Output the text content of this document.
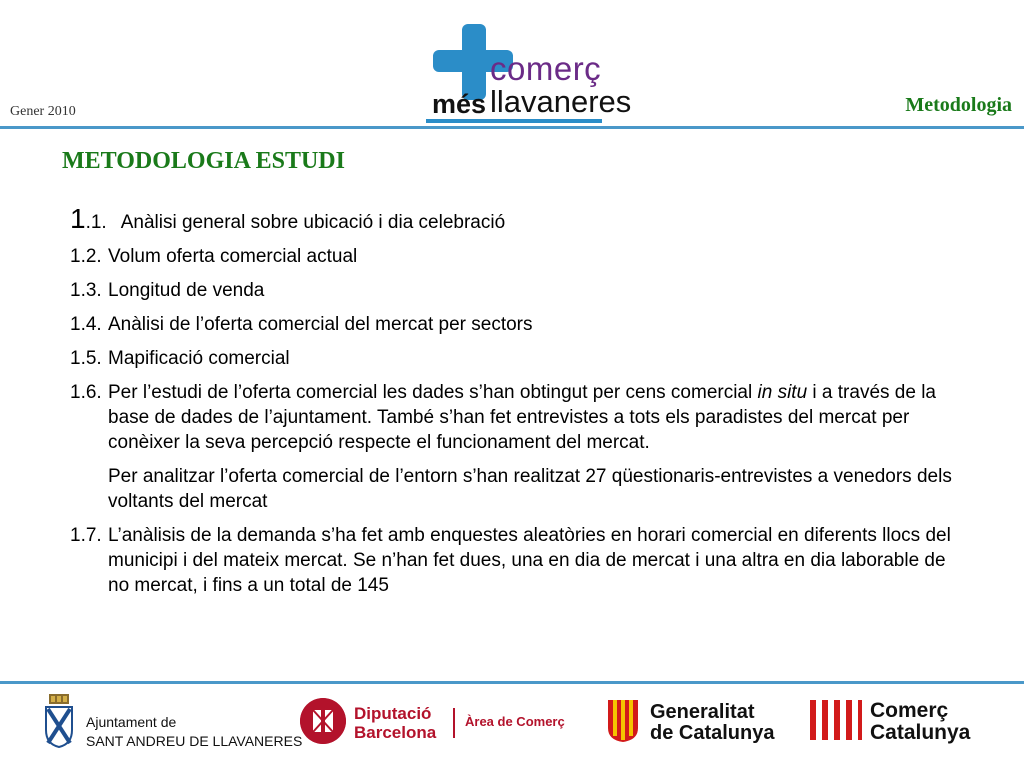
Gener 2010
comerç
més llavaneres	Metodologia
METODOLOGIA ESTUDI
1.1. Anàlisi general sobre ubicació i dia celebració
1.2. Volum oferta comercial actual
1.3. Longitud de venda
1.4. Anàlisi de l’oferta comercial del mercat per sectors
1.5. Mapificació comercial
1.6. Per l’estudi de l’oferta comercial les dades s’han obtingut per cens comercial in situ i a través de la base de dades de l’ajuntament. També s’han fet entrevistes a tots els paradistes del mercat per conèixer la seva percepció respecte el funcionament del mercat.
Per analitzar l’oferta comercial de l’entorn s’han realitzat 27 qüestionaris-entrevistes a venedors dels voltants del mercat
1.7. L’anàlisis de la demanda s’ha fet amb enquestes aleatòries en horari comercial en diferents llocs del municipi i del mateix mercat. Se n’han fet dues, una en dia de mercat i una altra en dia laborable de no mercat, i fins a un total de 145
Ajuntament de
SANT ANDREU DE LLAVANERES
Diputació
Barcelona
Àrea de Comerç	Generalitat
de Catalunya
Comerç
Catalunya
